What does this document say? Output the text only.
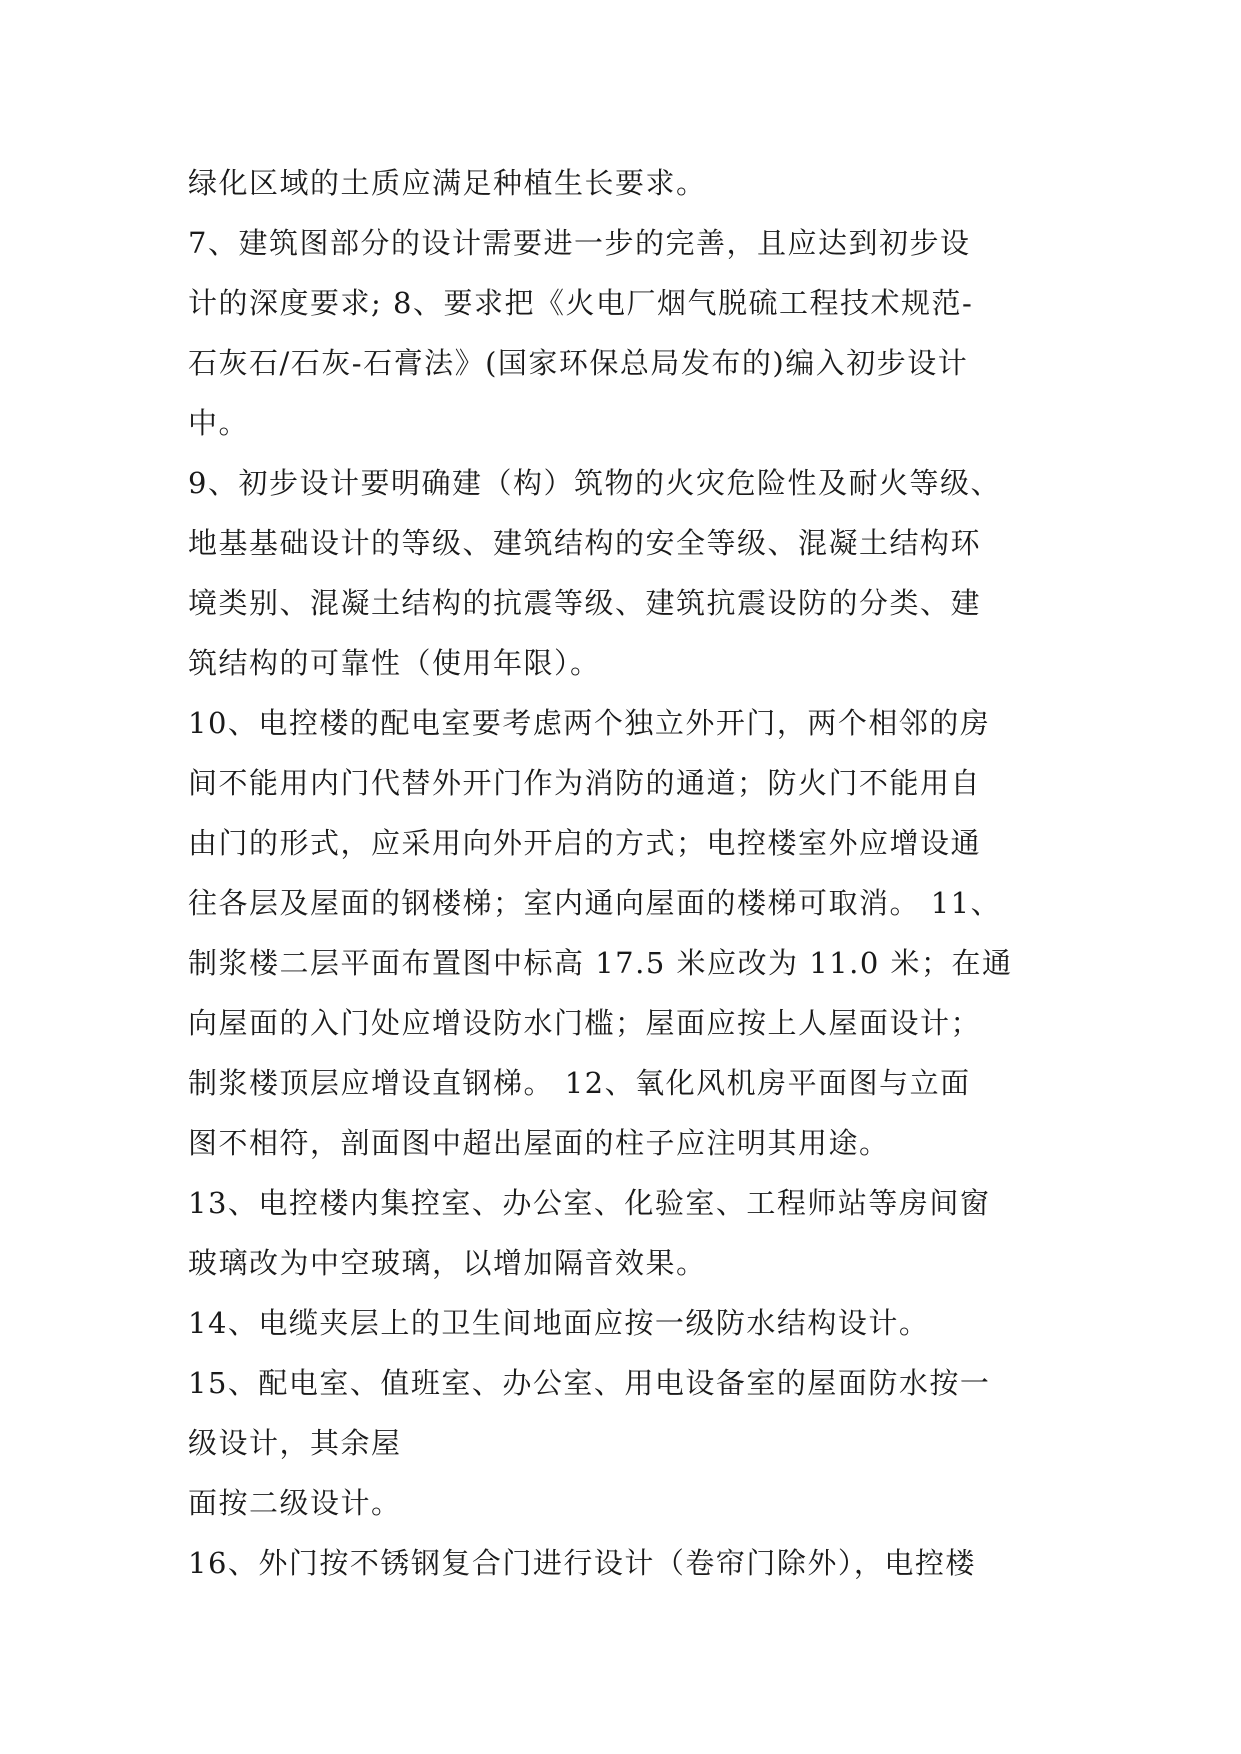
绿化区域的土质应满足种植生长要求。
7、建筑图部分的设计需要进一步的完善，且应达到初步设
计的深度要求; 8、要求把《火电厂烟气脱硫工程技术规范-
石灰石/石灰-石膏法》(国家环保总局发布的)编入初步设计
中。
9、初步设计要明确建（构）筑物的火灾危险性及耐火等级、
地基基础设计的等级、建筑结构的安全等级、混凝土结构环
境类别、混凝土结构的抗震等级、建筑抗震设防的分类、建
筑结构的可靠性（使用年限）。
10、电控楼的配电室要考虑两个独立外开门，两个相邻的房
间不能用内门代替外开门作为消防的通道；防火门不能用自
由门的形式，应采用向外开启的方式；电控楼室外应增设通
往各层及屋面的钢楼梯；室内通向屋面的楼梯可取消。 11、
制浆楼二层平面布置图中标高 17.5 米应改为 11.0 米；在通
向屋面的入门处应增设防水门槛；屋面应按上人屋面设计；
制浆楼顶层应增设直钢梯。 12、氧化风机房平面图与立面
图不相符，剖面图中超出屋面的柱子应注明其用途。
13、电控楼内集控室、办公室、化验室、工程师站等房间窗
玻璃改为中空玻璃，以增加隔音效果。
14、电缆夹层上的卫生间地面应按一级防水结构设计。
15、配电室、值班室、办公室、用电设备室的屋面防水按一
级设计，其余屋
面按二级设计。
16、外门按不锈钢复合门进行设计（卷帘门除外），电控楼
